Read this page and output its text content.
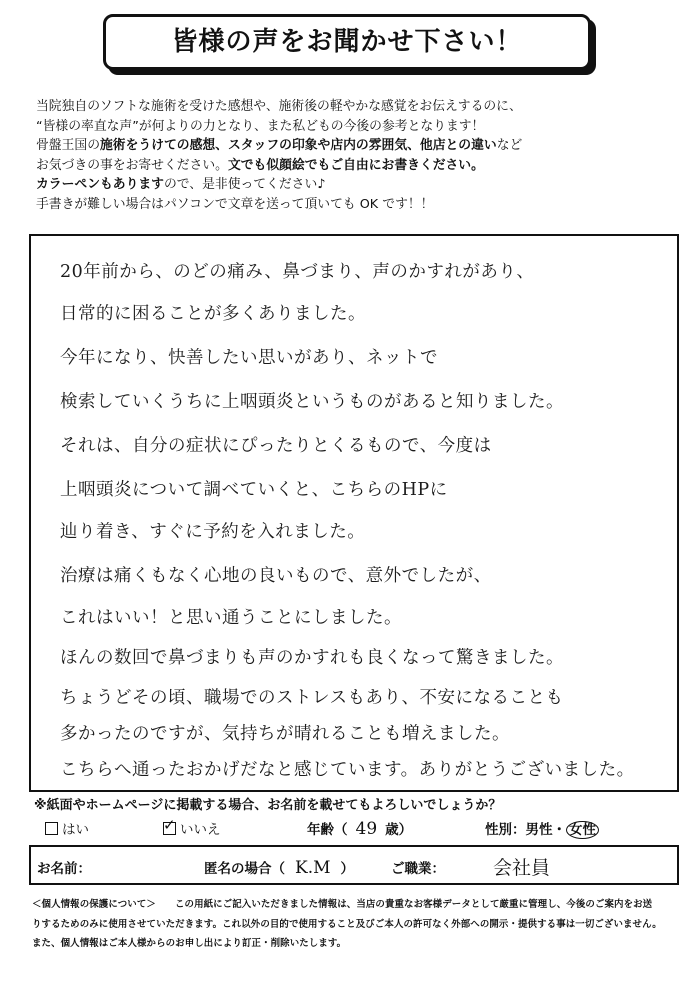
皆様の声をお聞かせ下さい！
当院独自のソフトな施術を受けた感想や、施術後の軽やかな感覚をお伝えするのに、
“皆様の率直な声”が何よりの力となり、また私どもの今後の参考となります！
骨盤王国の施術をうけての感想、スタッフの印象や店内の雰囲気、他店との違いなど
お気づきの事をお寄せください。文でも似顔絵でもご自由にお書きください。
カラーペンもありますので、是非使ってください♪
手書きが難しい場合はパソコンで文章を送って頂いても OK です！！
20年前から、のどの痛み、鼻づまり、声のかすれがあり、
日常的に困ることが多くありました。
今年になり、快善したい思いがあり、ネットで
検索していくうちに上咽頭炎というものがあると知りました。
それは、自分の症状にぴったりとくるもので、今度は
上咽頭炎について調べていくと、こちらのHPに
辿り着き、すぐに予約を入れました。
治療は痛くもなく心地の良いもので、意外でしたが、
これはいい！と思い通うことにしました。
ほんの数回で鼻づまりも声のかすれも良くなって驚きました。
ちょうどその頃、職場でのストレスもあり、不安になることも
多かったのですが、気持ちが晴れることも増えました。
こちらへ通ったおかげだなと感じています。ありがとうございました。
※紙面やホームページに掲載する場合、お名前を載せてもよろしいでしょうか？
はい
✓	いいえ	年齢（ 49 歳）	性別：男性・ 女性
お名前：	匿名の場合（ K.M ）	ご職業：	会社員
＜個人情報の保護について＞　　この用紙にご記入いただきました情報は、当店の貴重なお客様データとして厳重に管理し、今後のご案内をお送
りするためのみに使用させていただきます。これ以外の目的で使用すること及びご本人の許可なく外部への開示・提供する事は一切ございません。
また、個人情報はご本人様からのお申し出により訂正・削除いたします。
